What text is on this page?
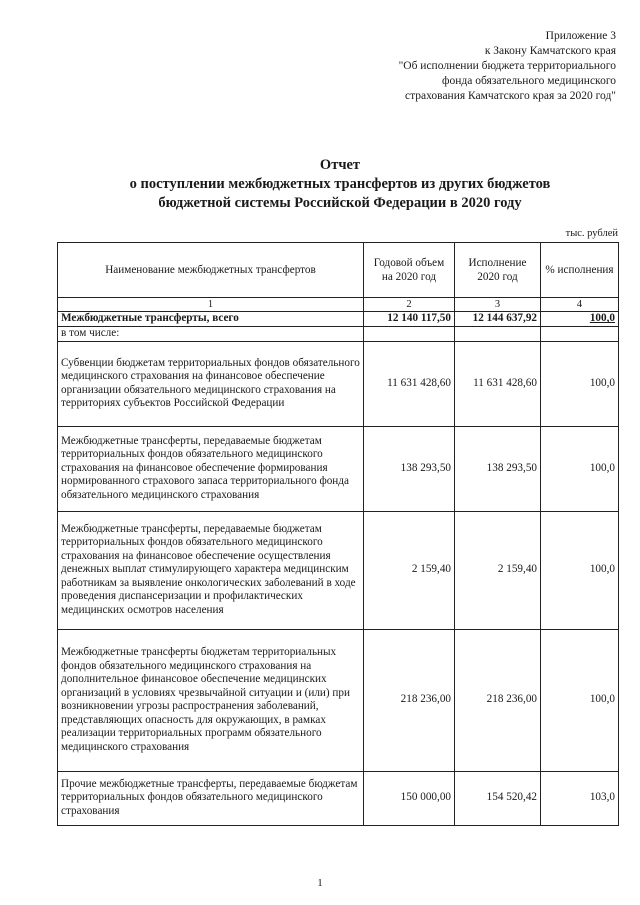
Приложение 3
к Закону Камчатского края
"Об исполнении бюджета территориального
фонда обязательного медицинского
страхования Камчатского края за 2020 год"
Отчет
о поступлении межбюджетных трансфертов из других бюджетов
бюджетной системы Российской Федерации в 2020 году
тыс. рублей
Наименование межбюджетных трансфертов	Годовой объем на 2020 год	Исполнение 2020 год	% исполнения
1	2	3	4
Межбюджетные трансферты, всего	12 140 117,50	12 144 637,92	100,0
в том числе:			
Субвенции бюджетам территориальных фондов обязательного медицинского страхования на финансовое обеспечение организации обязательного медицинского страхования на территориях субъектов Российской Федерации	11 631 428,60	11 631 428,60	100,0
Межбюджетные трансферты, передаваемые бюджетам территориальных фондов обязательного медицинского страхования на финансовое обеспечение формирования нормированного страхового запаса территориального фонда обязательного медицинского страхования	138 293,50	138 293,50	100,0
Межбюджетные трансферты, передаваемые бюджетам территориальных фондов обязательного медицинского страхования на финансовое обеспечение осуществления денежных выплат стимулирующего характера медицинским работникам за выявление онкологических заболеваний в ходе проведения диспансеризации и профилактических медицинских осмотров населения	2 159,40	2 159,40	100,0
Межбюджетные трансферты бюджетам территориальных фондов обязательного медицинского страхования на дополнительное финансовое обеспечение медицинских организаций в условиях чрезвычайной ситуации и (или) при возникновении угрозы распространения заболеваний, представляющих опасность для окружающих, в рамках реализации территориальных программ обязательного медицинского страхования	218 236,00	218 236,00	100,0
Прочие межбюджетные трансферты, передаваемые бюджетам территориальных фондов обязательного медицинского страхования	150 000,00	154 520,42	103,0
1
